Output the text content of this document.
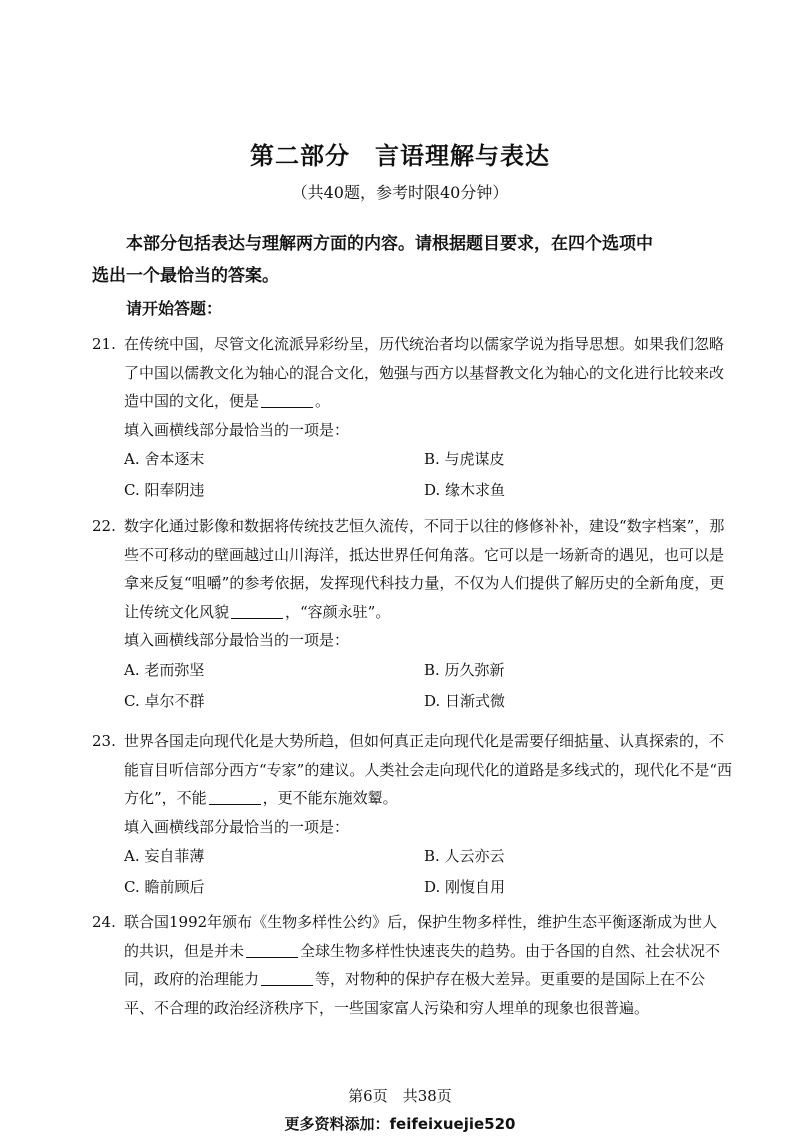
第二部分　言语理解与表达
（共40题，参考时限40分钟）
本部分包括表达与理解两方面的内容。请根据题目要求，在四个选项中
选出一个最恰当的答案。
请开始答题：
21. 在传统中国，尽管文化流派异彩纷呈，历代统治者均以儒家学说为指导思想。如果我们忽略了中国以儒教文化为轴心的混合文化，勉强与西方以基督教文化为轴心的文化进行比较来改造中国的文化，便是	。
填入画横线部分最恰当的一项是：
A. 舍本逐末	B. 与虎谋皮
C. 阳奉阴违	D. 缘木求鱼
22. 数字化通过影像和数据将传统技艺恒久流传，不同于以往的修修补补，建设“数字档案”，那些不可移动的壁画越过山川海洋，抵达世界任何角落。它可以是一场新奇的遇见，也可以是拿来反复“咀嚼”的参考依据，发挥现代科技力量，不仅为人们提供了解历史的全新角度，更让传统文化风貌	，“容颜永驻”。
填入画横线部分最恰当的一项是：
A. 老而弥坚	B. 历久弥新
C. 卓尔不群	D. 日渐式微
23. 世界各国走向现代化是大势所趋，但如何真正走向现代化是需要仔细掂量、认真探索的，不能盲目听信部分西方“专家”的建议。人类社会走向现代化的道路是多线式的，现代化不是“西方化”，不能	，更不能东施效颦。
填入画横线部分最恰当的一项是：
A. 妄自菲薄	B. 人云亦云
C. 瞻前顾后	D. 刚愎自用
24. 联合国1992年颁布《生物多样性公约》后，保护生物多样性，维护生态平衡逐渐成为世人的共识，但是并未	全球生物多样性快速丧失的趋势。由于各国的自然、社会状况不同，政府的治理能力	等，对物种的保护存在极大差异。更重要的是国际上在不公平、不合理的政治经济秩序下，一些国家富人污染和穷人埋单的现象也很普遍。
第6页　共38页
更多资料添加：feifeixuejie520
